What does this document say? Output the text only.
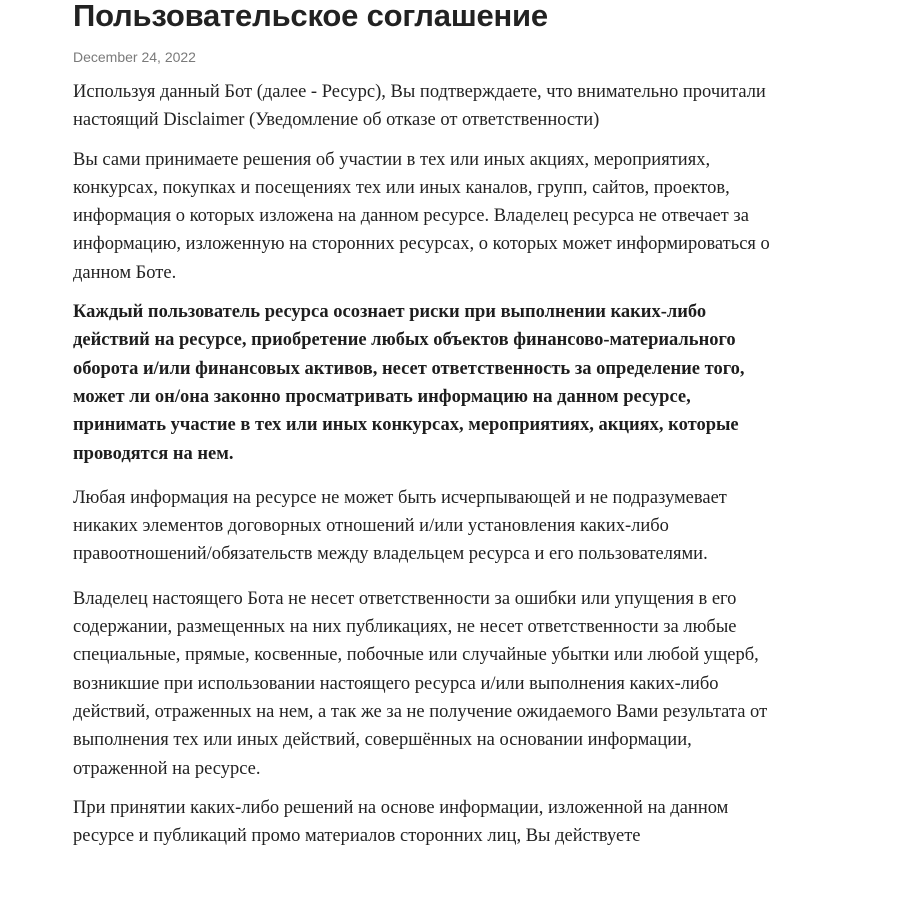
Пользовательское соглашение
December 24, 2022

Используя данный Бот (далее - Ресурс), Вы подтверждаете, что внимательно прочитали настоящий Disclaimer (Уведомление об отказе от ответственности)

Вы сами принимаете решения об участии в тех или иных акциях, мероприятиях, конкурсах, покупках и посещениях тех или иных каналов, групп, сайтов, проектов, информация о которых изложена на данном ресурсе. Владелец ресурса не отвечает за информацию, изложенную на сторонних ресурсах, о которых может информироваться о данном Боте.

Каждый пользователь ресурса осознает риски при выполнении каких-либо действий на ресурсе, приобретение любых объектов финансово-материального оборота и/или финансовых активов, несет ответственность за определение того, может ли он/она законно просматривать информацию на данном ресурсе, принимать участие в тех или иных конкурсах, мероприятиях, акциях, которые проводятся на нем.

Любая информация на ресурсе не может быть исчерпывающей и не подразумевает никаких элементов договорных отношений и/или установления каких-либо правоотношений/обязательств между владельцем ресурса и его пользователями.

Владелец настоящего Бота не несет ответственности за ошибки или упущения в его содержании, размещенных на них публикациях, не несет ответственности за любые специальные, прямые, косвенные, побочные или случайные убытки или любой ущерб, возникшие при использовании настоящего ресурса и/или выполнения каких-либо действий, отраженных на нем, а так же за не получение ожидаемого Вами результата от выполнения тех или иных действий, совершённых на основании информации, отраженной на ресурсе.

При принятии каких-либо решений на основе информации, изложенной на данном ресурсе и публикаций промо материалов сторонних лиц, Вы действуете
